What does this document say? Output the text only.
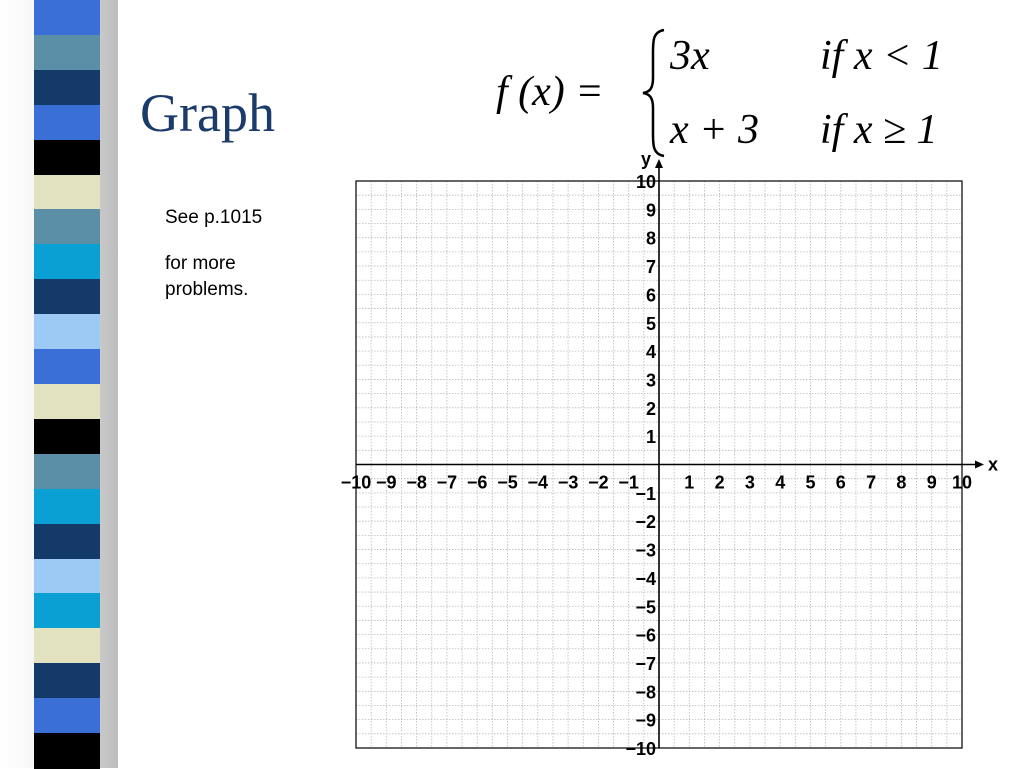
Graph
See p.1015
for more problems.
f (x) =
3x	if x < 1
x + 3 if x ≥ 1
x
y
−10
−10
−9
−9
−8
−8
−7
−7
−6
−6
−5
−5
−4
−4
−3
−3
−2
−2
−1
−1
1
1
2
2
3
3
4
4
5
5
6
6
7
7
8
8
9
9
10
10
